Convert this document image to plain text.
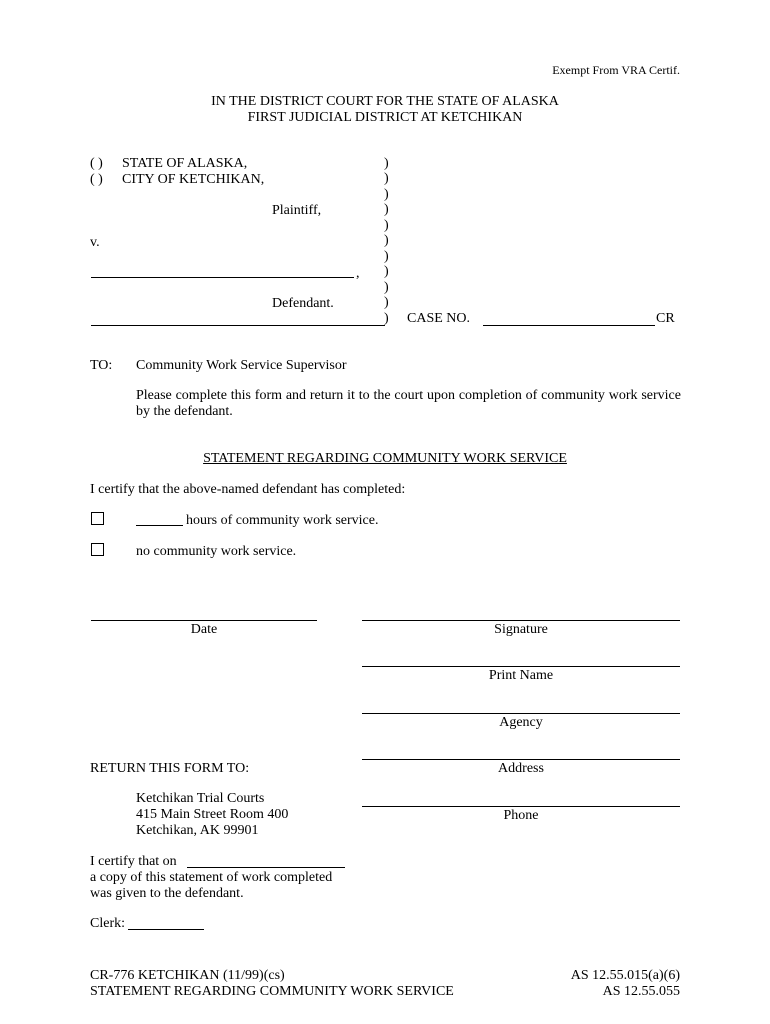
Exempt From VRA Certif.
IN THE DISTRICT COURT FOR THE STATE OF ALASKA
FIRST JUDICIAL DISTRICT AT KETCHIKAN
( ) STATE OF ALASKA,
( ) CITY OF KETCHIKAN,
Plaintiff,
v.
,
Defendant.
)
)
)
)
)
)
)
)
)
)
)	CASE NO.	CR
TO: Community Work Service Supervisor
Please complete this form and return it to the court upon completion of community work service by the defendant.
STATEMENT REGARDING COMMUNITY WORK SERVICE
I certify that the above-named defendant has completed:
hours of community work service.
no community work service.
Date	Signature
Print Name
Agency
Address
Phone
RETURN THIS FORM TO:
Ketchikan Trial Courts
415 Main Street Room 400
Ketchikan, AK 99901
I certify that on
a copy of this statement of work completed
was given to the defendant.
Clerk:
CR-776 KETCHIKAN (11/99)(cs)
STATEMENT REGARDING COMMUNITY WORK SERVICE
AS 12.55.015(a)(6)
AS 12.55.055
